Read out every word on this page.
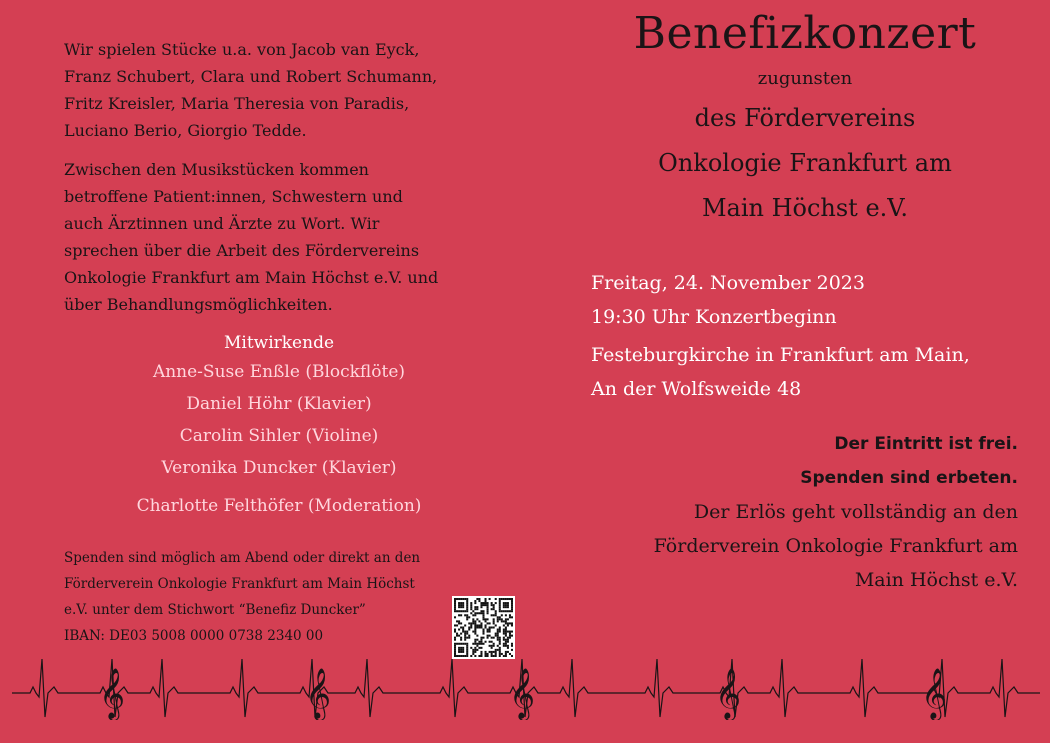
Wir spielen Stücke u.a. von Jacob van Eyck,
Franz Schubert, Clara und Robert Schumann,
Fritz Kreisler, Maria Theresia von Paradis,
Luciano Berio, Giorgio Tedde.
Zwischen den Musikstücken kommen
betroffene Patient:innen, Schwestern und
auch Ärztinnen und Ärzte zu Wort. Wir
sprechen über die Arbeit des Fördervereins
Onkologie Frankfurt am Main Höchst e.V. und
über Behandlungsmöglichkeiten.
Mitwirkende
Anne-Suse Enßle (Blockflöte)
Daniel Höhr (Klavier)
Carolin Sihler (Violine)
Veronika Duncker (Klavier)
Charlotte Felthöfer (Moderation)
Spenden sind möglich am Abend oder direkt an den
Förderverein Onkologie Frankfurt am Main Höchst
e.V. unter dem Stichwort “Benefiz Duncker”
IBAN: DE03 5008 0000 0738 2340 00
Benefizkonzert
zugunsten
des Fördervereins
Onkologie Frankfurt am
Main Höchst e.V.
Freitag, 24. November 2023
19:30 Uhr Konzertbeginn
Festeburgkirche in Frankfurt am Main,
An der Wolfsweide 48
Der Eintritt ist frei.
Spenden sind erbeten.
Der Erlös geht vollständig an den
Förderverein Onkologie Frankfurt am
Main Höchst e.V.
𝄞	𝄞	𝄞	𝄞	𝄞
